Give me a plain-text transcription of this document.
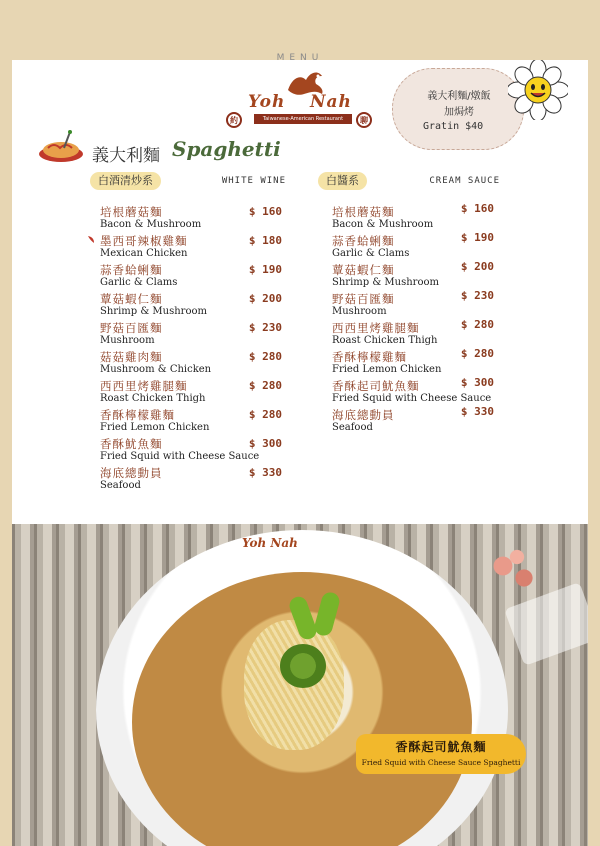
MENU
Yoh Nah
Taiwanese-American Restaurant
約	聊
義大利麵/燉飯
加焗烤
Gratin $40
義大利麵 Spaghetti
白酒清炒系	WHITE WINE
培根蘑菇麵
Bacon & Mushroom
$ 160
墨西哥辣椒雞麵
Mexican Chicken
$ 180
蒜香蛤蜊麵
Garlic & Clams
$ 190
蕈菇蝦仁麵
Shrimp & Mushroom
$ 200
野菇百匯麵
Mushroom
$ 230
菇菇雞肉麵
Mushroom & Chicken
$ 280
西西里烤雞腿麵
Roast Chicken Thigh
$ 280
香酥檸檬雞麵
Fried Lemon Chicken
$ 280
香酥魷魚麵
Fried Squid with Cheese Sauce
$ 300
海底總動員
Seafood
$ 330
白醬系	CREAM SAUCE
培根蘑菇麵
Bacon & Mushroom
$ 160
蒜香蛤蜊麵
Garlic & Clams
$ 190
蕈菇蝦仁麵
Shrimp & Mushroom
$ 200
野菇百匯麵
Mushroom
$ 230
西西里烤雞腿麵
Roast Chicken Thigh
$ 280
香酥檸檬雞麵
Fried Lemon Chicken
$ 280
香酥起司魷魚麵
Fried Squid with Cheese Sauce
$ 300
海底總動員
Seafood
$ 330
Yoh Nah
香酥起司魷魚麵
Fried Squid with Cheese Sauce Spaghetti
